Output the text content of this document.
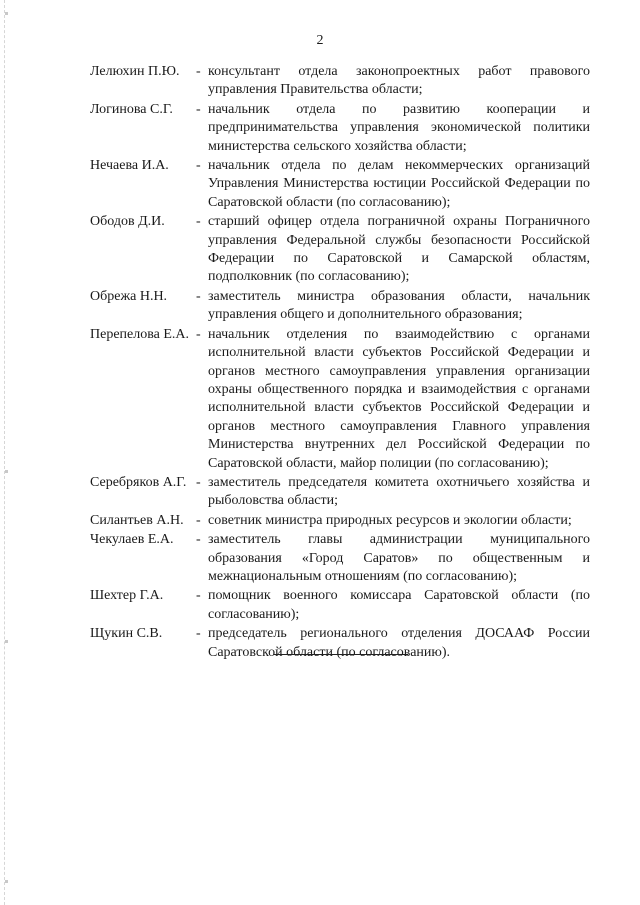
2
Лелюхин П.Ю.	- консультант отдела законопроектных работ правового управления Правительства области;
Логинова С.Г.	- начальник отдела по развитию кооперации и предпринимательства управления экономической политики министерства сельского хозяйства области;
Нечаева И.А.	- начальник отдела по делам некоммерческих организаций Управления Министерства юстиции Российской Федерации по Саратовской области (по согласованию);
Ободов Д.И.	- старший офицер отдела пограничной охраны Пограничного управления Федеральной службы безопасности Российской Федерации по Саратовской и Самарской областям, подполковник (по согласованию);
Обрежа Н.Н.	- заместитель министра образования области, начальник управления общего и дополнительного образования;
Перепелова Е.А. - начальник отделения по взаимодействию с органами исполнительной власти субъектов Российской Федерации и органов местного самоуправления управления организации охраны общественного порядка и взаимодействия с органами исполнительной власти субъектов Российской Федерации и органов местного самоуправления Главного управления Министерства внутренних дел Российской Федерации по Саратовской области, майор полиции (по согласованию);
Серебряков А.Г. - заместитель председателя комитета охотничьего хозяйства и рыболовства области;
Силантьев А.Н. - советник министра природных ресурсов и экологии области;
Чекулаев Е.А.	- заместитель главы администрации муниципального образования «Город Саратов» по общественным и межнациональным отношениям (по согласованию);
Шехтер Г.А.	- помощник военного комиссара Саратовской области (по согласованию);
Щукин С.В.	- председатель регионального отделения ДОСААФ России Саратовской области (по согласованию).
